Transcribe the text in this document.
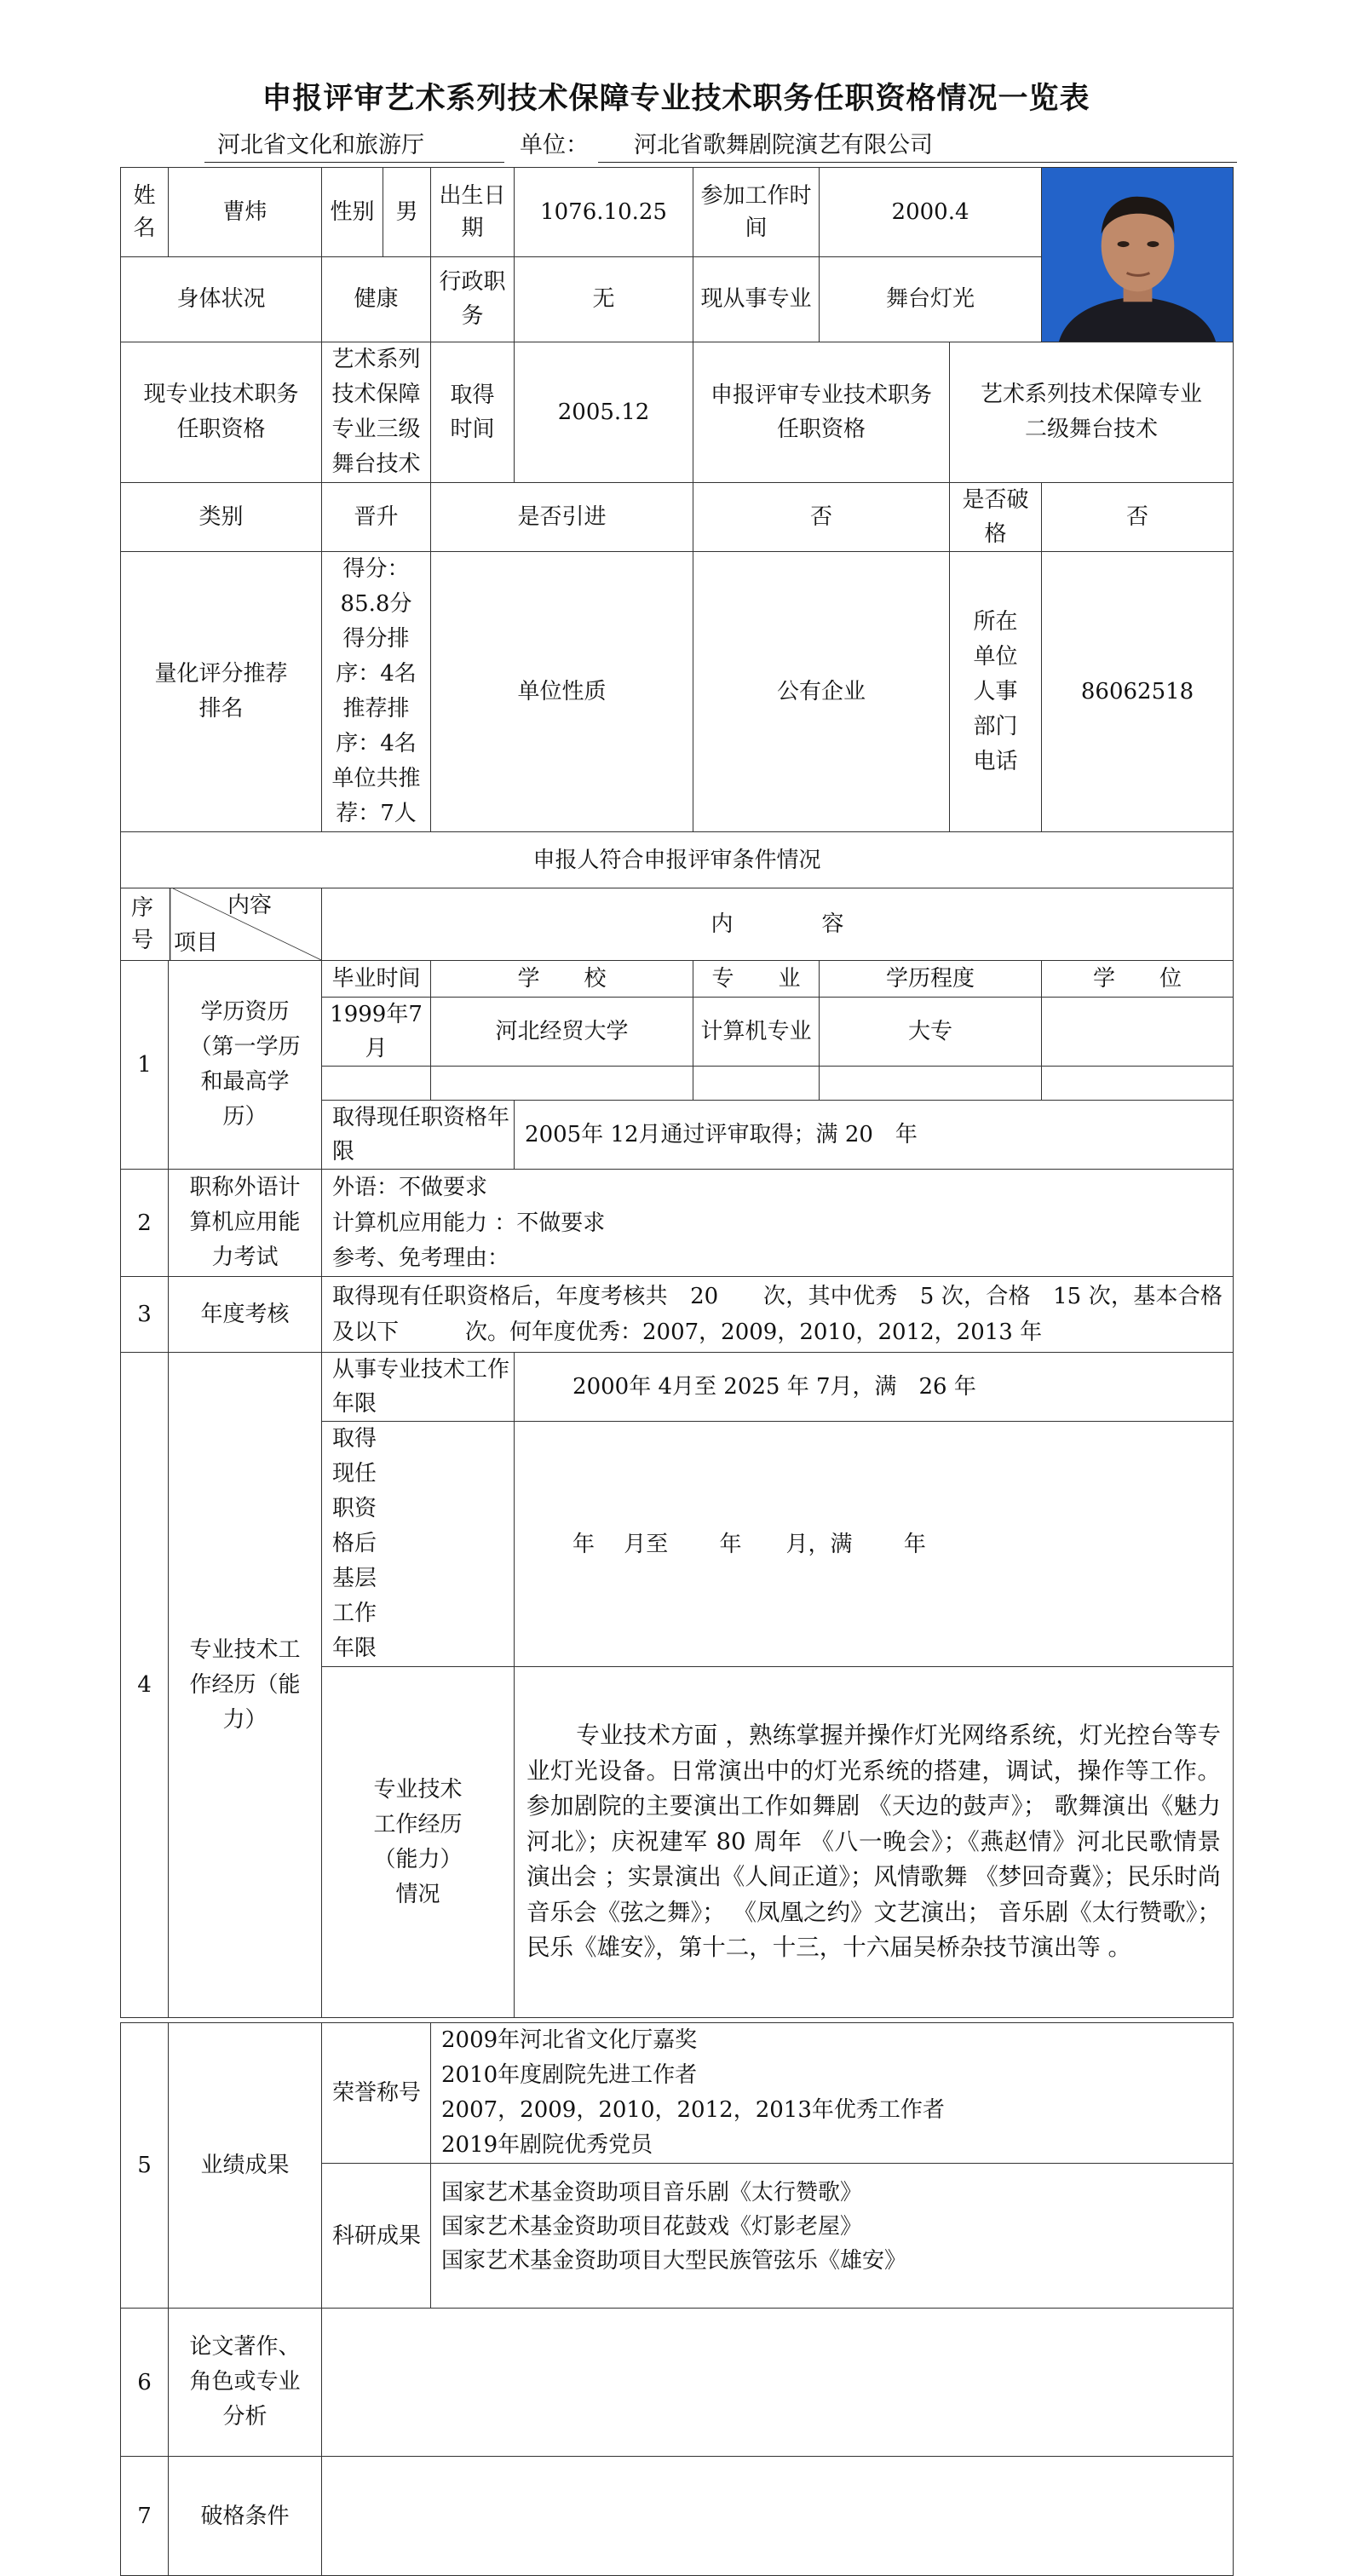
申报评审艺术系列技术保障专业技术职务任职资格情况一览表
河北省文化和旅游厅	单位：	河北省歌舞剧院演艺有限公司
姓名	曹炜	性别	男	出生日期	1076.10.25	参加工作时间	2000.4	

身体状况		健康		行政职务	无	现从事专业	舞台灯光		
现专业技术职务任职资格		艺术系列技术保障专业三级舞台技术		取得时间	2005.12	申报评审专业技术职务任职资格		艺术系列技术保障专业二级舞台技术	
类别		晋升		是否引进		否		是否破格	否
量化评分推荐排名		得分：85.8分
得分排序：4名
推荐排序：4名
单位共推荐：7人		单位性质		公有企业		所在单位人事部门电话	86062518
申报人符合申报评审条件情况									

内容
项目
序号		内　　　　容							
1	学历资历（第一学历和最高学历）	毕业时间		学　　校		专　　业	学历程度		学　　位
		1999年7月		河北经贸大学		计算机专业	大专		

		取得现任职资格年限			2005年 12月通过评审取得；满 20　年				
2	职称外语计算机应用能力考试	外语：不做要求							
		计算机应用能力 ：不做要求							
		参考、免考理由：							
3	年度考核	取得现有任职资格后，年度考核共　20　　次，其中优秀　5 次，合格　15 次，基本合格及以下　　　次。何年度优秀：2007，2009，2010，2012，2013 年							
4	专业技术工作经历（能力）	从事专业技术工作年限			2000年 4月至 2025 年 7月，满　26 年				
		取得现任职资格后基层工作年限			年　 月至　　 年　　月，满　　 年				
		专业技术工作经历（能力）情况			专业技术方面 ，熟练掌握并操作灯光网络系统，灯光控台等专业灯光设备。日常演出中的灯光系统的搭建，调试，操作等工作。参加剧院的主要演出工作如舞剧 《天边的鼓声》； 歌舞演出《魅力河北》；庆祝建军 80 周年 《八一晚会》；《燕赵情》河北民歌情景演出会 ；实景演出《人间正道》；风情歌舞 《梦回奇冀》；民乐时尚音乐会《弦之舞》； 《凤凰之约》文艺演出； 音乐剧《太行赞歌》；民乐《雄安》，第十二，十三，十六届吴桥杂技节演出等 。				

5	业绩成果	荣誉称号		2009年河北省文化厅嘉奖
2010年度剧院先进工作者
2007，2009，2010，2012，2013年优秀工作者
2019年剧院优秀党员					

		科研成果		国家艺术基金资助项目音乐剧《太行赞歌》
国家艺术基金资助项目花鼓戏《灯影老屋》
国家艺术基金资助项目大型民族管弦乐《雄安》					

6	论文著作、角色或专业分析								
7	破格条件								
